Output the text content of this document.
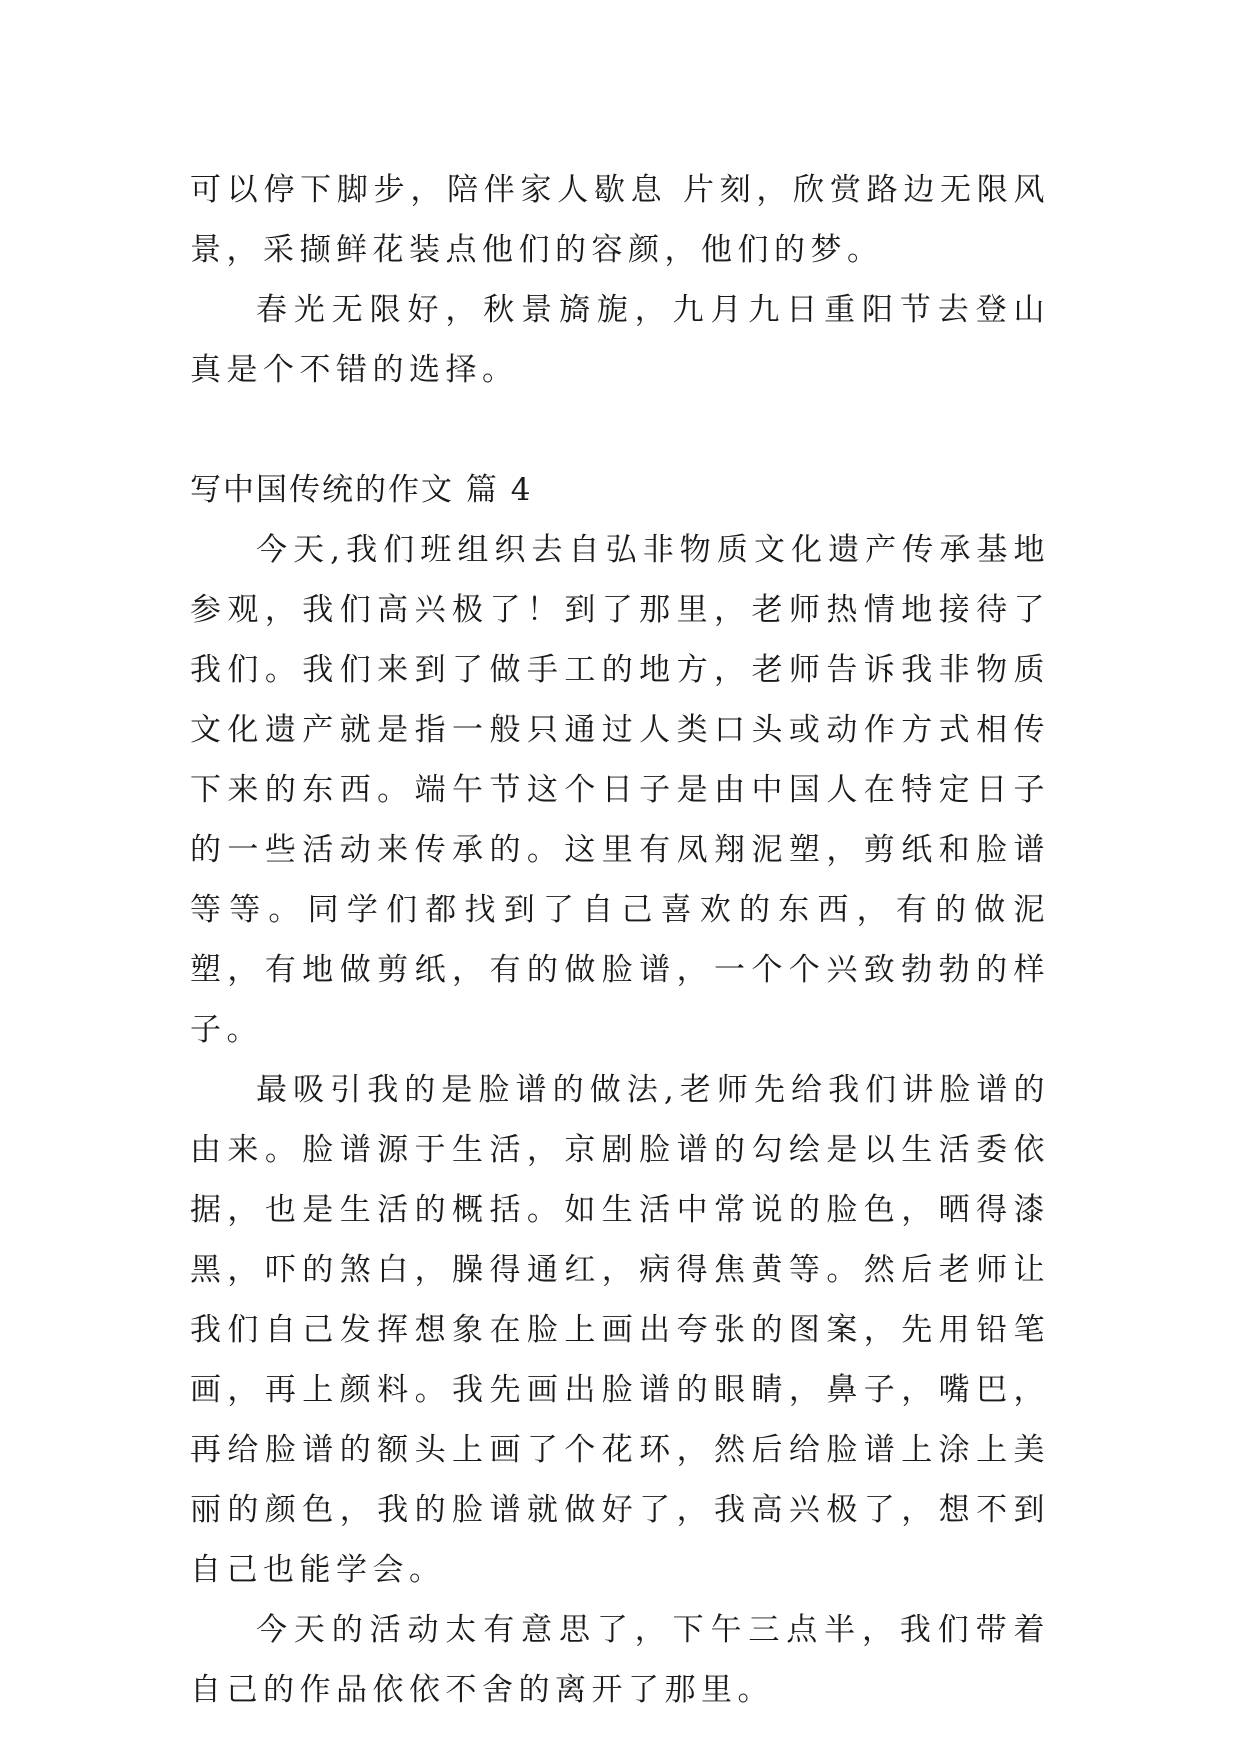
可以停下脚步，陪伴家人歇息 片刻，欣赏路边无限风景，采撷鲜花装点他们的容颜，他们的梦。

春光无限好，秋景旖旎，九月九日重阳节去登山真是个不错的选择。

写中国传统的作文 篇 4

今天,我们班组织去自弘非物质文化遗产传承基地参观，我们高兴极了！到了那里，老师热情地接待了我们。我们来到了做手工的地方，老师告诉我非物质文化遗产就是指一般只通过人类口头或动作方式相传下来的东西。端午节这个日子是由中国人在特定日子的一些活动来传承的。这里有凤翔泥塑，剪纸和脸谱等等。同学们都找到了自己喜欢的东西，有的做泥塑，有地做剪纸，有的做脸谱，一个个兴致勃勃的样子。

最吸引我的是脸谱的做法,老师先给我们讲脸谱的由来。脸谱源于生活，京剧脸谱的勾绘是以生活委依据，也是生活的概括。如生活中常说的脸色，晒得漆黑，吓的煞白，臊得通红，病得焦黄等。然后老师让我们自己发挥想象在脸上画出夸张的图案，先用铅笔画，再上颜料。我先画出脸谱的眼睛，鼻子，嘴巴，再给脸谱的额头上画了个花环，然后给脸谱上涂上美丽的颜色，我的脸谱就做好了，我高兴极了，想不到自己也能学会。

今天的活动太有意思了，下午三点半，我们带着自己的作品依依不舍的离开了那里。
